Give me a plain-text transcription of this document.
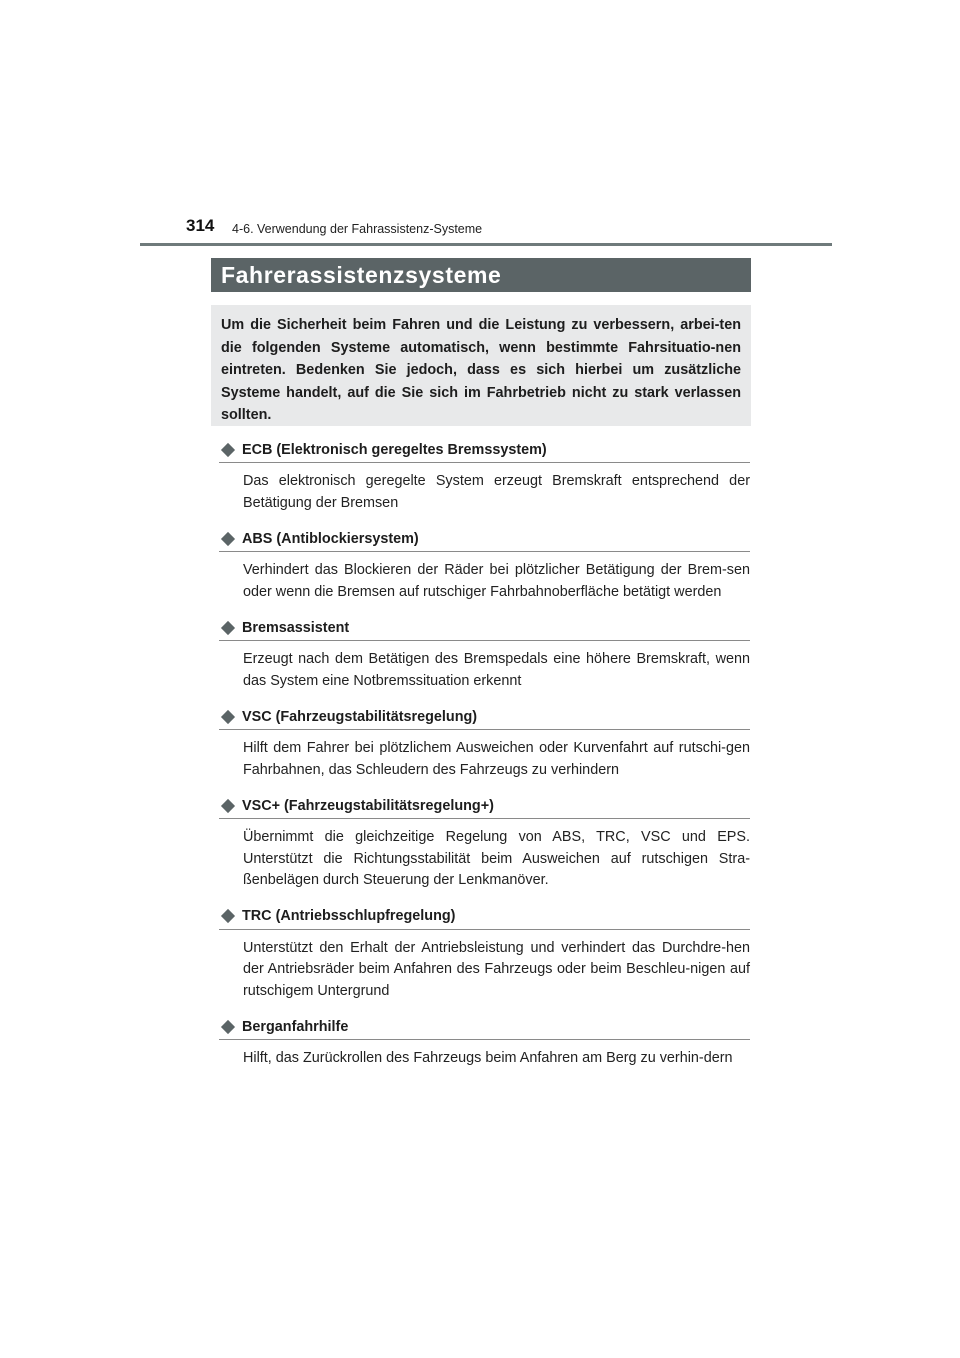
314 4-6. Verwendung der Fahrassistenz-Systeme
Fahrerassistenzsysteme
Um die Sicherheit beim Fahren und die Leistung zu verbessern, arbei-ten die folgenden Systeme automatisch, wenn bestimmte Fahrsituatio-nen eintreten. Bedenken Sie jedoch, dass es sich hierbei um zusätzliche Systeme handelt, auf die Sie sich im Fahrbetrieb nicht zu stark verlassen sollten.
ECB (Elektronisch geregeltes Bremssystem)
Das elektronisch geregelte System erzeugt Bremskraft entsprechend der Betätigung der Bremsen
ABS (Antiblockiersystem)
Verhindert das Blockieren der Räder bei plötzlicher Betätigung der Brem-sen oder wenn die Bremsen auf rutschiger Fahrbahnoberfläche betätigt werden
Bremsassistent
Erzeugt nach dem Betätigen des Bremspedals eine höhere Bremskraft, wenn das System eine Notbremssituation erkennt
VSC (Fahrzeugstabilitätsregelung)
Hilft dem Fahrer bei plötzlichem Ausweichen oder Kurvenfahrt auf rutschi-gen Fahrbahnen, das Schleudern des Fahrzeugs zu verhindern
VSC+ (Fahrzeugstabilitätsregelung+)
Übernimmt die gleichzeitige Regelung von ABS, TRC, VSC und EPS. Unterstützt die Richtungsstabilität beim Ausweichen auf rutschigen Stra-ßenbelägen durch Steuerung der Lenkmanöver.
TRC (Antriebsschlupfregelung)
Unterstützt den Erhalt der Antriebsleistung und verhindert das Durchdre-hen der Antriebsräder beim Anfahren des Fahrzeugs oder beim Beschleu-nigen auf rutschigem Untergrund
Berganfahrhilfe
Hilft, das Zurückrollen des Fahrzeugs beim Anfahren am Berg zu verhin-dern
